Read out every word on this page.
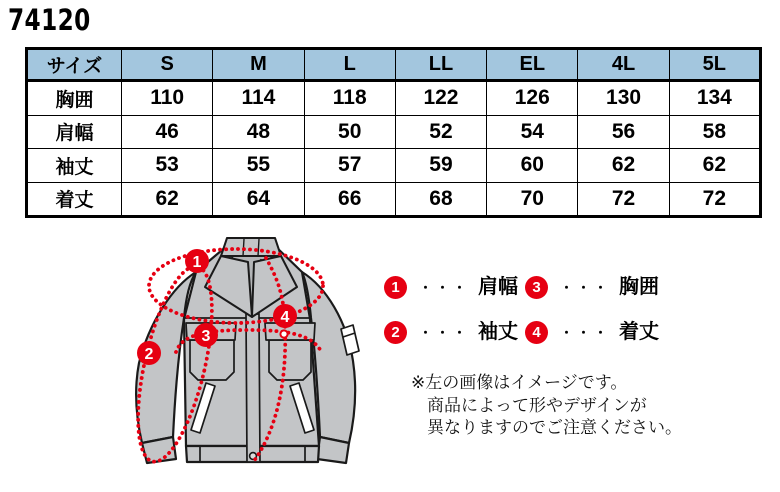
74120
サイズ	S	M	L	LL	EL	4L	5L
胸囲	110	114	118	122	126	130	134
肩幅	46	48	50	52	54	56	58
袖丈	53	55	57	59	60	62	62
着丈	62	64	66	68	70	72	72
1
2
3
4
1	・・・ 肩幅 3	・・・ 胸囲
2	・・・ 袖丈 4	・・・ 着丈
※左の画像はイメージです。
商品によって形やデザインが
異なりますのでご注意ください。
